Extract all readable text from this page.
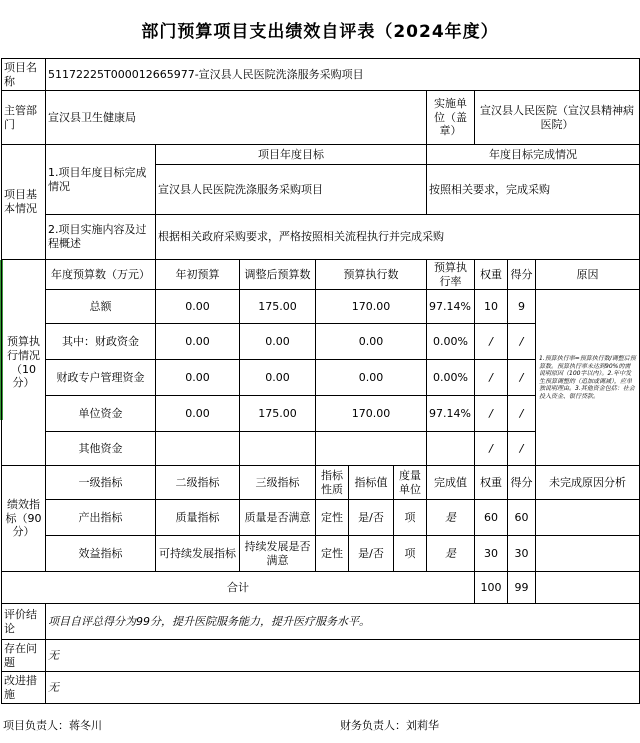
部门预算项目支出绩效自评表（2024年度）
项目名称	51172225T000012665977-宣汉县人民医院洗涤服务采购项目									
主管部门	宣汉县卫生健康局						实施单位（盖章）	宣汉县人民医院（宣汉县精神病医院）		
项目基本情况	1.项目年度目标完成情况	项目年度目标					年度目标完成情况			
		宣汉县人民医院洗涤服务采购项目					按照相关要求，完成采购			
	2.项目实施内容及过程概述	根据相关政府采购要求，严格按照相关流程执行并完成采购								
预算执行情况（10分）	年度预算数（万元）	年初预算	调整后预算数	预算执行数			预算执行率	权重	得分	原因
	总额	0.00	175.00	170.00			97.14%	10	9	1.预算执行率=预算执行数/调整后预算数。预算执行率未达到90%的需说明原因（100字以内）。2.年中发生预算调整的（追加或调减），应单独说明理由。3.其他资金包括：社会投入资金、银行贷款。
	其中：财政资金	0.00	0.00	0.00			0.00%	/	/	
	财政专户管理资金	0.00	0.00	0.00			0.00%	/	/	
	单位资金	0.00	175.00	170.00			97.14%	/	/	
	其他资金							/	/	
绩效指标（90分）	一级指标	二级指标	三级指标	指标性质	指标值	度量单位	完成值	权重	得分	未完成原因分析
	产出指标	质量指标	质量是否满意	定性	是/否	项	是	60	60	
	效益指标	可持续发展指标	持续发展是否满意	定性	是/否	项	是	30	30	
合计								100	99	
评价结论	项目自评总得分为99分，提升医院服务能力，提升医疗服务水平。									
存在问题	无									
改进措施	无									
项目负责人：蒋冬川	财务负责人：刘莉华
